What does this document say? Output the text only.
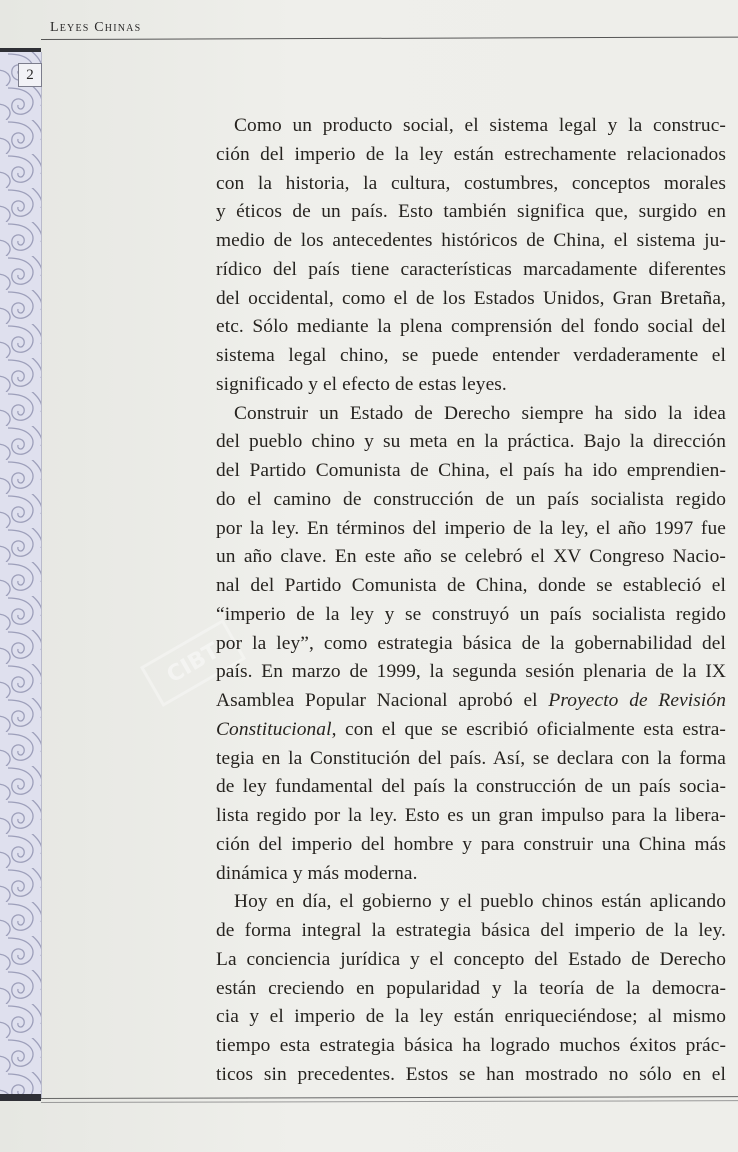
Leyes Chinas
2
CIBT
Como un producto social, el sistema legal y la construc-
ción del imperio de la ley están estrechamente relacionados
con la historia, la cultura, costumbres, conceptos morales
y éticos de un país. Esto también significa que, surgido en
medio de los antecedentes históricos de China, el sistema ju-
rídico del país tiene características marcadamente diferentes
del occidental, como el de los Estados Unidos, Gran Bretaña,
etc. Sólo mediante la plena comprensión del fondo social del
sistema legal chino, se puede entender verdaderamente el
significado y el efecto de estas leyes.
Construir un Estado de Derecho siempre ha sido la idea
del pueblo chino y su meta en la práctica. Bajo la dirección
del Partido Comunista de China, el país ha ido emprendien-
do el camino de construcción de un país socialista regido
por la ley. En términos del imperio de la ley, el año 1997 fue
un año clave. En este año se celebró el XV Congreso Nacio-
nal del Partido Comunista de China, donde se estableció el
“imperio de la ley y se construyó un país socialista regido
por la ley”, como estrategia básica de la gobernabilidad del
país. En marzo de 1999, la segunda sesión plenaria de la IX
Asamblea Popular Nacional aprobó el Proyecto de Revisión
Constitucional, con el que se escribió oficialmente esta estra-
tegia en la Constitución del país. Así, se declara con la forma
de ley fundamental del país la construcción de un país socia-
lista regido por la ley. Esto es un gran impulso para la libera-
ción del imperio del hombre y para construir una China más
dinámica y más moderna.
Hoy en día, el gobierno y el pueblo chinos están aplicando
de forma integral la estrategia básica del imperio de la ley.
La conciencia jurídica y el concepto del Estado de Derecho
están creciendo en popularidad y la teoría de la democra-
cia y el imperio de la ley están enriqueciéndose; al mismo
tiempo esta estrategia básica ha logrado muchos éxitos prác-
ticos sin precedentes. Estos se han mostrado no sólo en el
